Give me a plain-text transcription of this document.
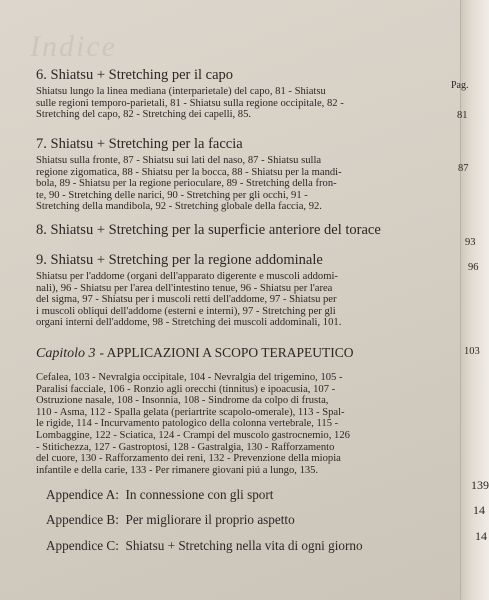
Indice
Pag.
6. Shiatsu + Stretching per il capo
Shiatsu lungo la linea mediana (interparietale) del capo, 81 - Shiatsu
sulle regioni temporo-parietali, 81 - Shiatsu sulla regione occipitale, 82 -
Stretching del capo, 82 - Stretching dei capelli, 85.	81
7. Shiatsu + Stretching per la faccia
Shiatsu sulla fronte, 87 - Shiatsu sui lati del naso, 87 - Shiatsu sulla
regione zigomatica, 88 - Shiatsu per la bocca, 88 - Shiatsu per la mandi-
bola, 89 - Shiatsu per la regione perioculare, 89 - Stretching della fron-
te, 90 - Stretching delle narici, 90 - Stretching per gli occhi, 91 -
Stretching della mandibola, 92 - Stretching globale della faccia, 92.
87
8. Shiatsu + Stretching per la superficie anteriore del torace
93
9. Shiatsu + Stretching per la regione addominale
Shiatsu per l'addome (organi dell'apparato digerente e muscoli addomi-
nali), 96 - Shiatsu per l'area dell'intestino tenue, 96 - Shiatsu per l'area
del sigma, 97 - Shiatsu per i muscoli retti dell'addome, 97 - Shiatsu per
i muscoli obliqui dell'addome (esterni e interni), 97 - Stretching per gli
organi interni dell'addome, 98 - Stretching dei muscoli addominali, 101.
96
Capitolo 3 - APPLICAZIONI A SCOPO TERAPEUTICO
Cefalea, 103 - Nevralgia occipitale, 104 - Nevralgia del trigemino, 105 -
Paralisi facciale, 106 - Ronzio agli orecchi (tinnitus) e ipoacusia, 107 -
Ostruzione nasale, 108 - Insonnia, 108 - Sindrome da colpo di frusta,
110 - Asma, 112 - Spalla gelata (periartrite scapolo-omerale), 113 - Spal-
le rigide, 114 - Incurvamento patologico della colonna vertebrale, 115 -
Lombaggine, 122 - Sciatica, 124 - Crampi del muscolo gastrocnemio, 126
- Stitichezza, 127 - Gastroptosi, 128 - Gastralgia, 130 - Rafforzamento
del cuore, 130 - Rafforzamento dei reni, 132 - Prevenzione della miopia
infantile e della carie, 133 - Per rimanere giovani piú a lungo, 135.
103
Appendice A: In connessione con gli sport
139
Appendice B: Per migliorare il proprio aspetto
14
Appendice C: Shiatsu + Stretching nella vita di ogni giorno
14
